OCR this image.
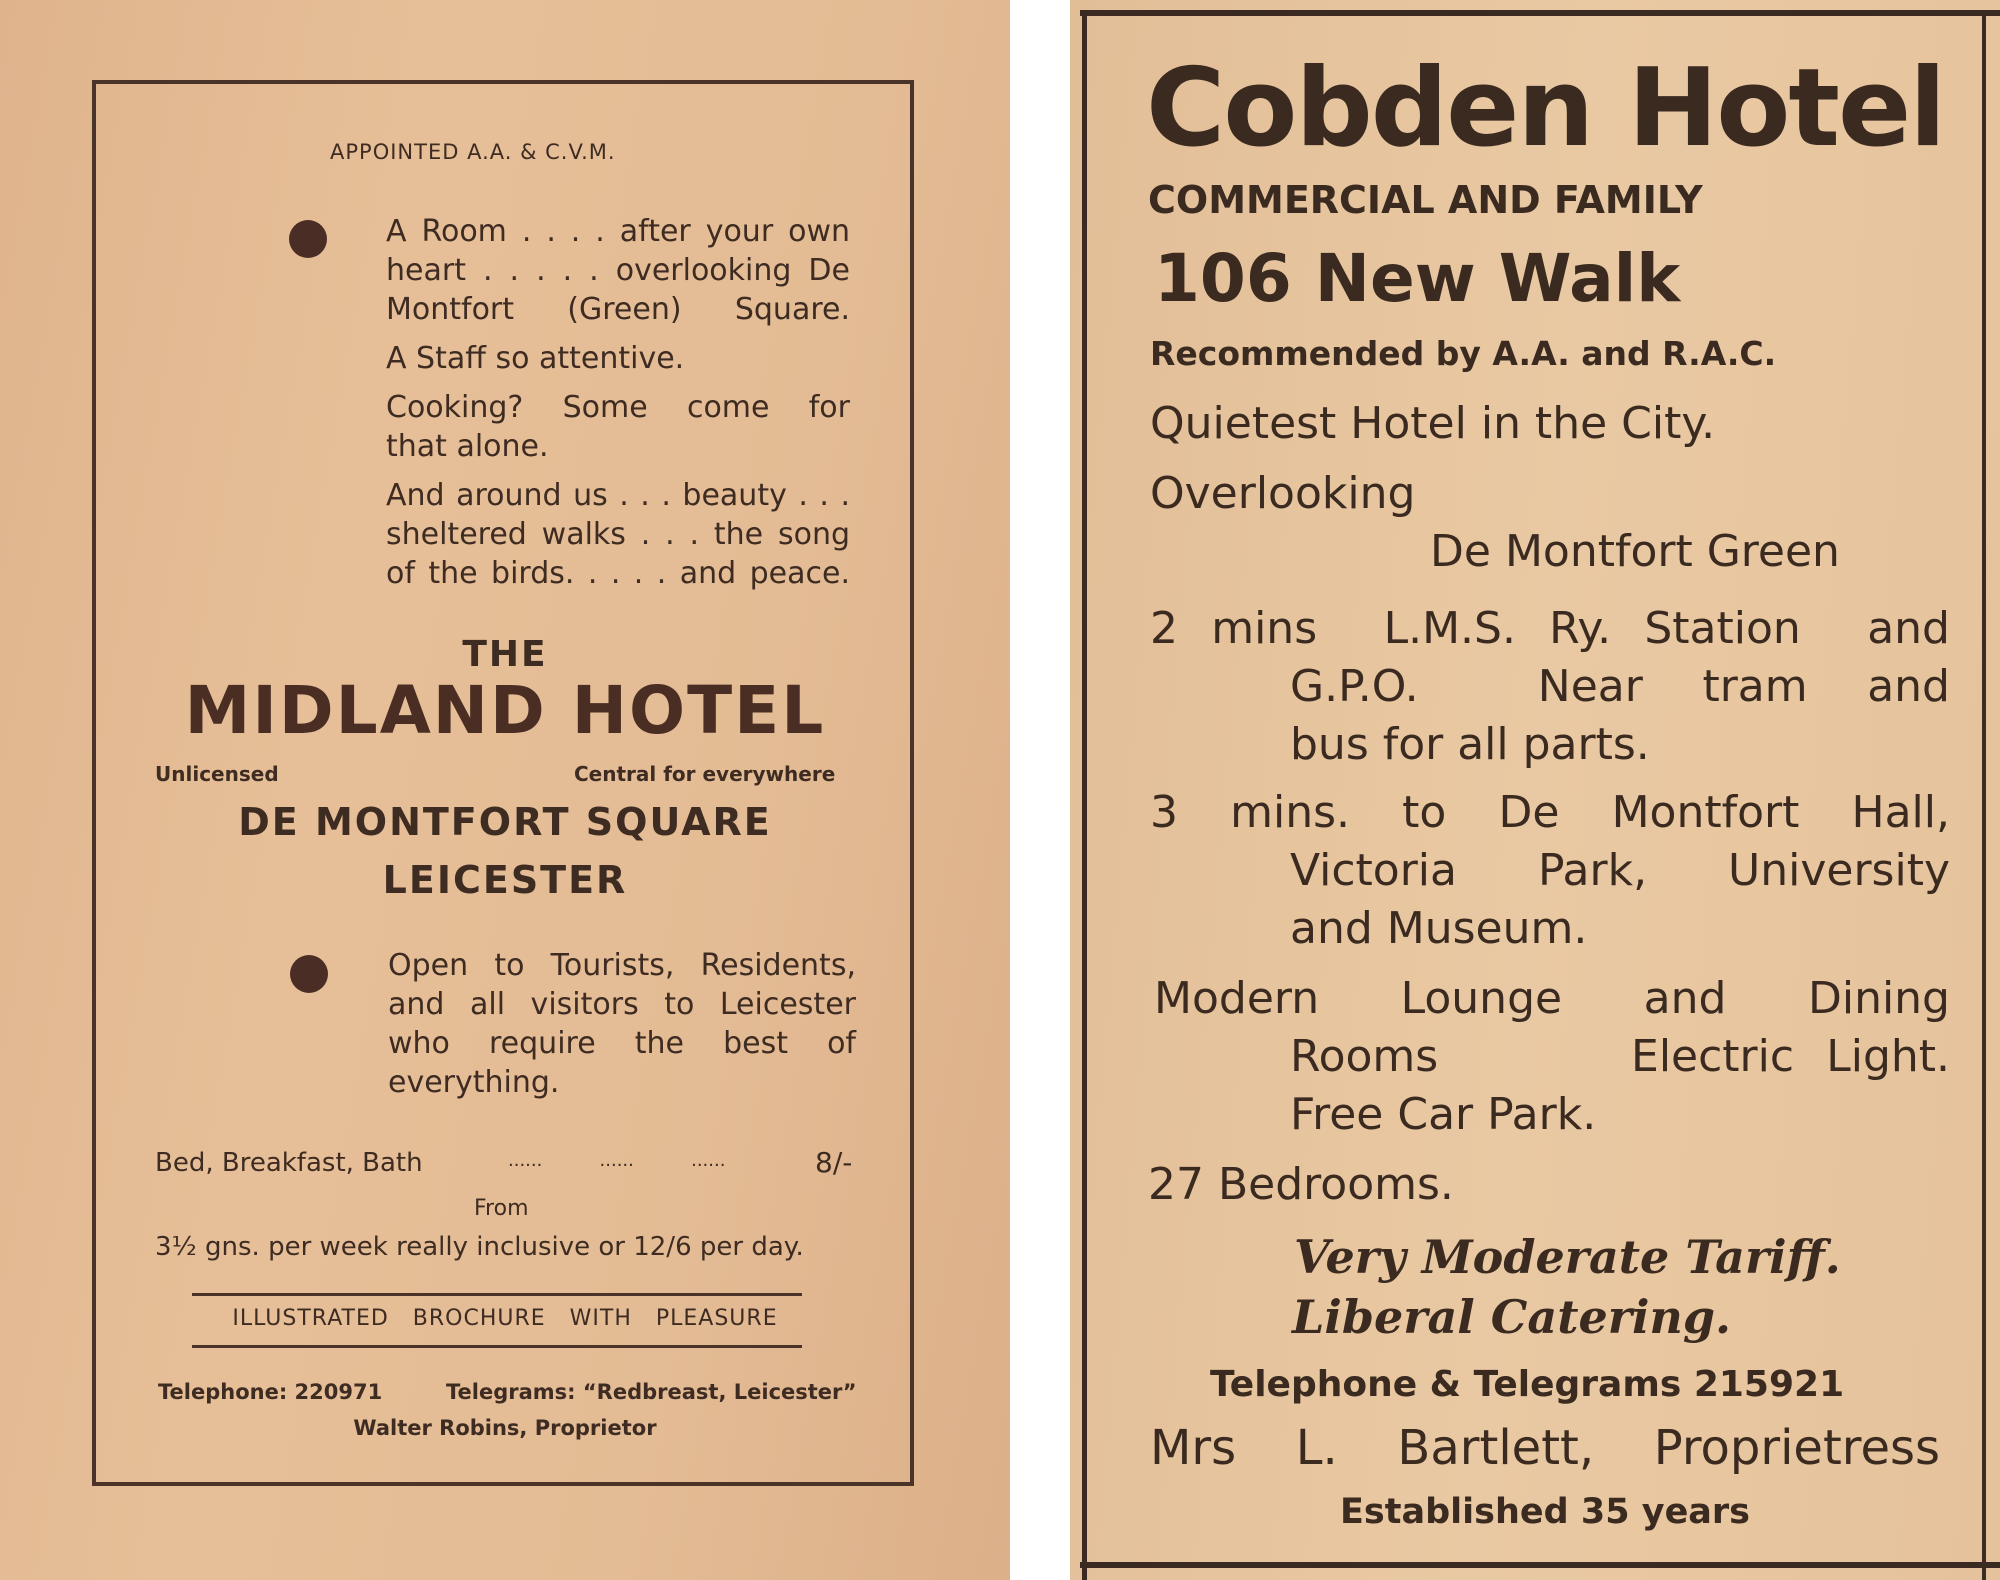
APPOINTED A.A. & C.V.M.
A Room . . . . after your own
heart . . . . . overlooking De
Montfort (Green) Square.
A Staff so attentive.
Cooking? Some come for
that alone.
And around us . . . beauty . . .
sheltered walks . . . the song
of the birds. . . . . and peace.
THE
MIDLAND HOTEL
Unlicensed	Central for everywhere
DE MONTFORT SQUARE
LEICESTER
Open to Tourists, Residents,
and all visitors to Leicester
who require the best of
everything.
Bed, Breakfast, Bath	......          ......          ......	8/-
From
3½ gns. per week really inclusive or 12/6 per day.
ILLUSTRATED   BROCHURE   WITH   PLEASURE
Telephone: 220971	Telegrams: “Redbreast, Leicester”
Walter Robins, Proprietor
Cobden Hotel
COMMERCIAL AND FAMILY
106 New Walk
Recommended by A.A. and R.A.C.
Quietest Hotel in the City.
Overlooking
De Montfort Green
2 mins  L.M.S. Ry. Station  and
G.P.O.    Near  tram  and
bus for all parts.
3 mins. to De Montfort Hall,
Victoria Park, University
and Museum.
Modern   Lounge   and   Dining
Rooms      Electric Light.
Free Car Park.
27 Bedrooms.
Very Moderate Tariff.
Liberal Catering.
Telephone & Telegrams 215921
Mrs  L.  Bartlett,  Proprietress
Established 35 years
